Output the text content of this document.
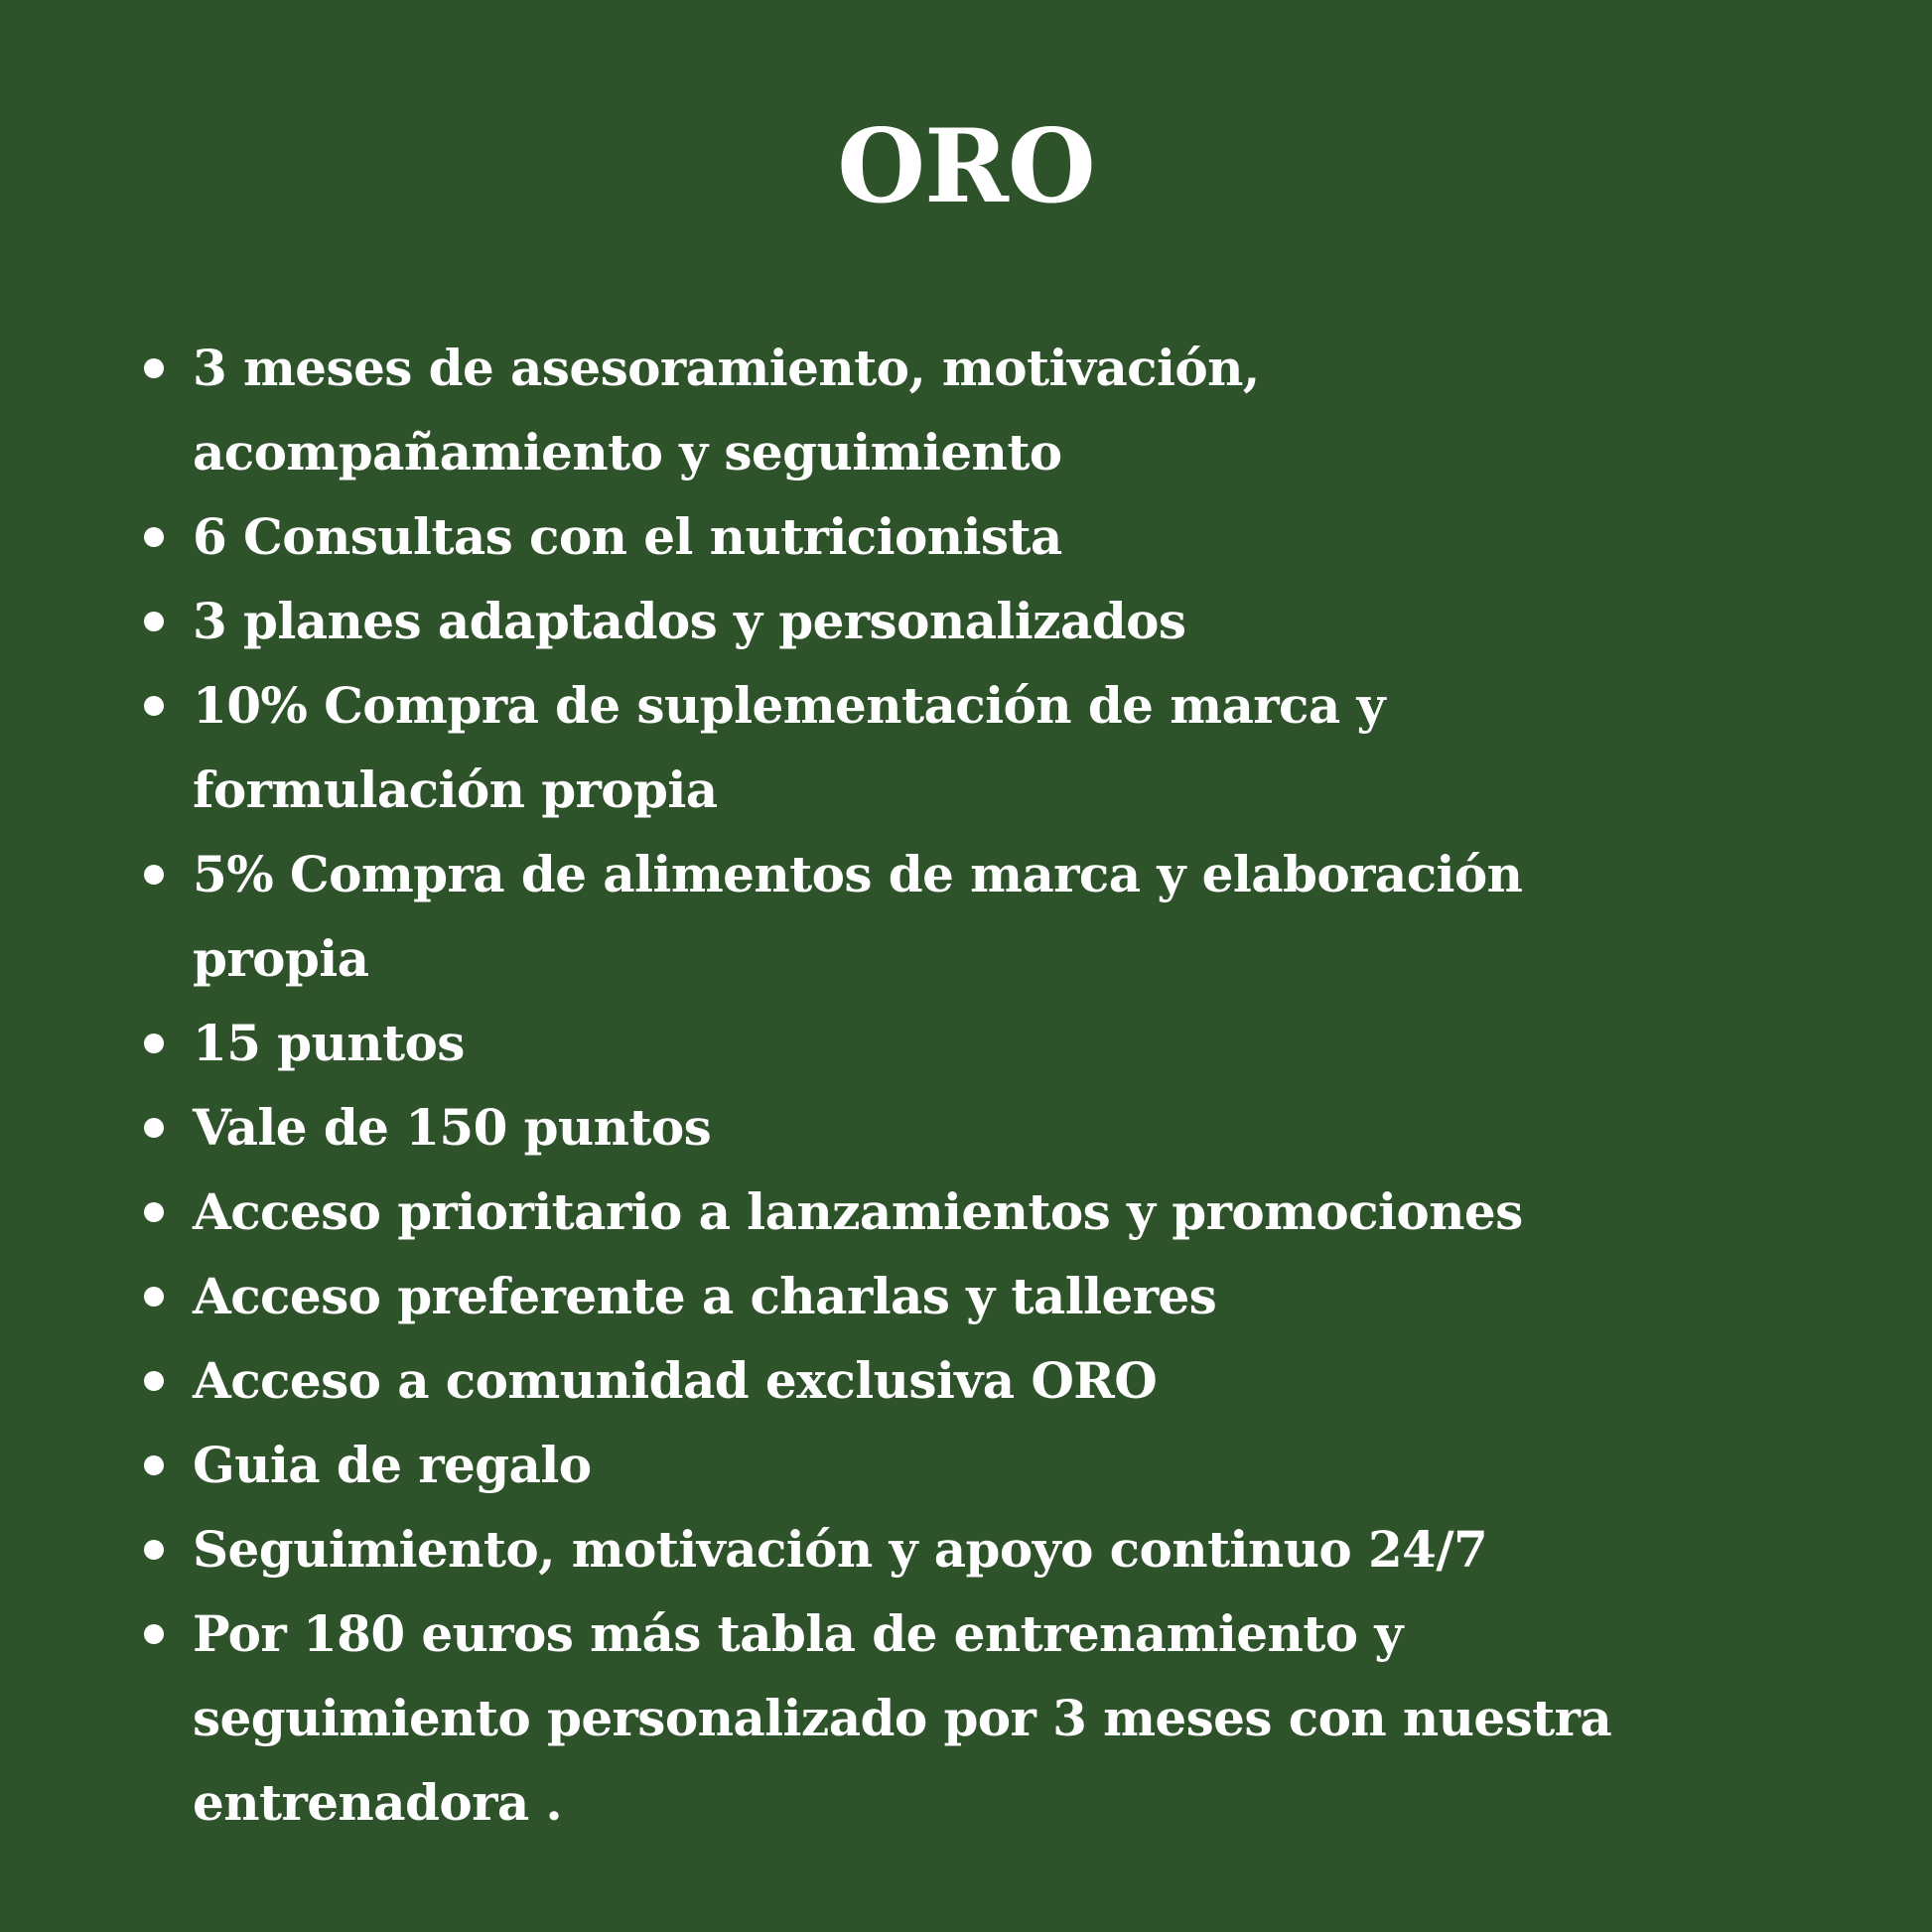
ORO
3 meses de asesoramiento, motivación, acompañamiento y seguimiento
6 Consultas con el nutricionista
3 planes adaptados y personalizados
10% Compra de suplementación de marca y formulación propia
5% Compra de alimentos de marca y elaboración propia
15 puntos
Vale de 150 puntos
Acceso prioritario a lanzamientos y promociones
Acceso preferente a charlas y talleres
Acceso a comunidad exclusiva ORO
Guia de regalo
Seguimiento, motivación y apoyo continuo 24/7
Por 180 euros más tabla de entrenamiento y seguimiento personalizado por 3 meses con nuestra entrenadora .
